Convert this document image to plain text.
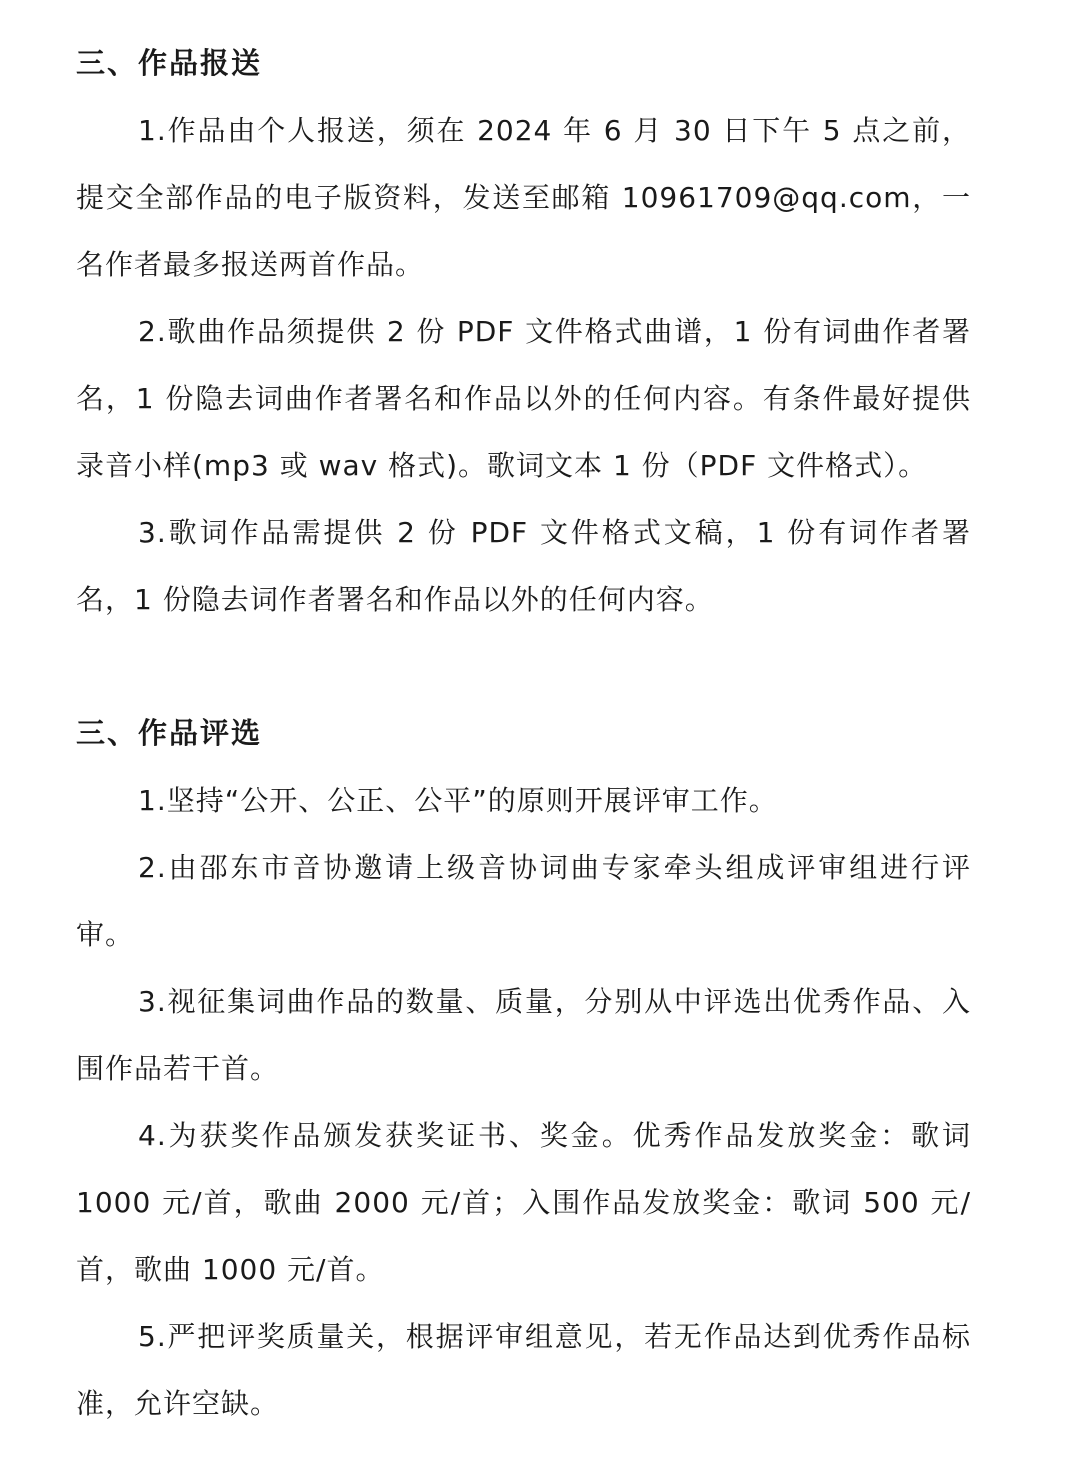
三、作品报送

1.作品由个人报送，须在 2024 年 6 月 30 日下午 5 点之前，提交全部作品的电子版资料，发送至邮箱 10961709@qq.com，一名作者最多报送两首作品。

2.歌曲作品须提供 2 份 PDF 文件格式曲谱，1 份有词曲作者署名，1 份隐去词曲作者署名和作品以外的任何内容。有条件最好提供录音小样(mp3 或 wav 格式)。歌词文本 1 份（PDF 文件格式）。

3.歌词作品需提供 2 份 PDF 文件格式文稿，1 份有词作者署名，1 份隐去词作者署名和作品以外的任何内容。

三、作品评选

1.坚持“公开、公正、公平”的原则开展评审工作。

2.由邵东市音协邀请上级音协词曲专家牵头组成评审组进行评审。

3.视征集词曲作品的数量、质量，分别从中评选出优秀作品、入围作品若干首。

4.为获奖作品颁发获奖证书、奖金。优秀作品发放奖金：歌词 1000 元/首，歌曲 2000 元/首；入围作品发放奖金：歌词 500 元/首，歌曲 1000 元/首。

5.严把评奖质量关，根据评审组意见，若无作品达到优秀作品标准，允许空缺。
